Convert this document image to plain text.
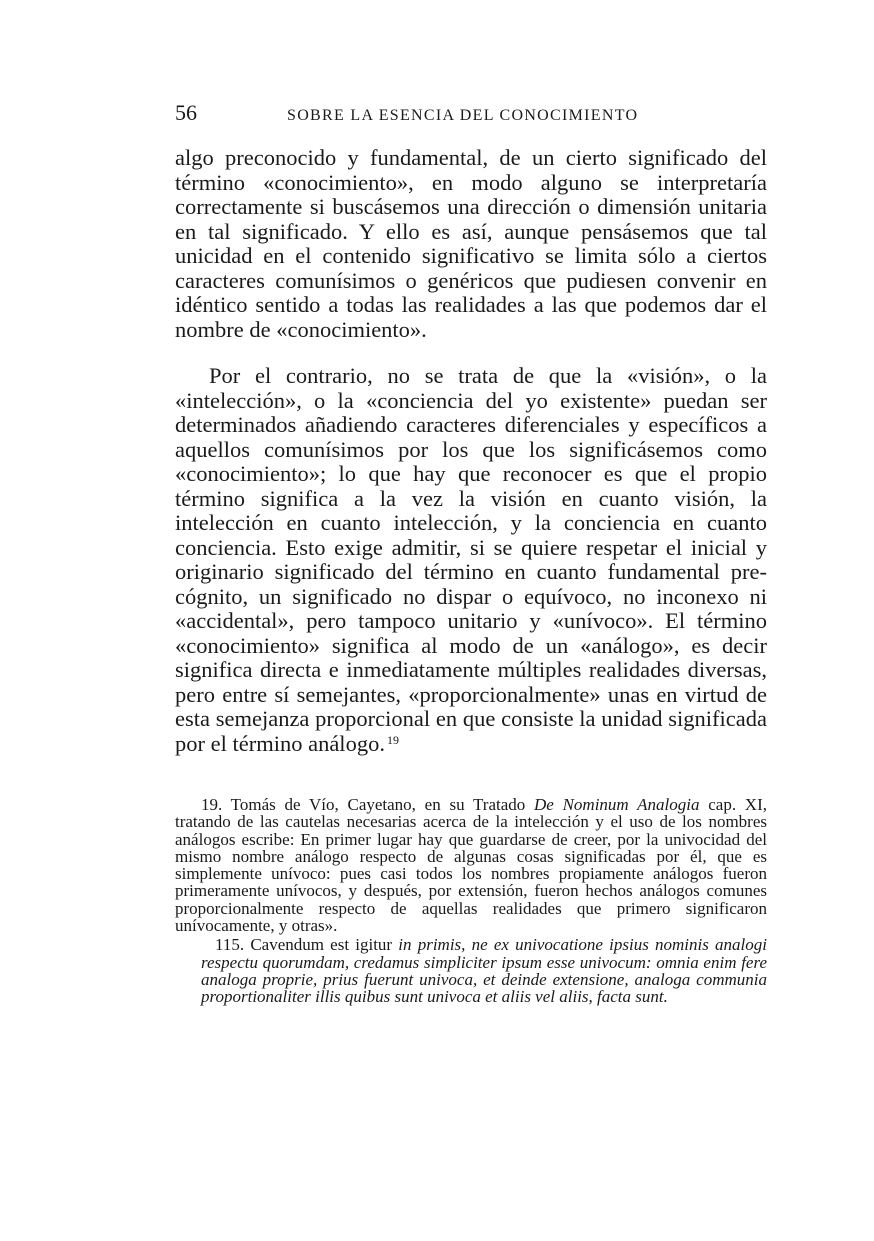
56	SOBRE LA ESENCIA DEL CONOCIMIENTO

algo preconocido y fundamental, de un cierto significado del término «conocimiento», en modo alguno se interpretaría correctamente si buscásemos una dirección o dimensión unitaria en tal significado. Y ello es así, aunque pensásemos que tal unicidad en el contenido significativo se limita sólo a ciertos caracteres comunísimos o genéricos que pudiesen convenir en idéntico sentido a todas las realidades a las que podemos dar el nombre de «conocimiento».

Por el contrario, no se trata de que la «visión», o la «intelección», o la «conciencia del yo existente» puedan ser determinados añadiendo caracteres diferenciales y específicos a aquellos comunísimos por los que los significásemos como «conocimiento»; lo que hay que reconocer es que el propio término significa a la vez la visión en cuanto visión, la intelección en cuanto intelección, y la conciencia en cuanto conciencia. Esto exige admitir, si se quiere respetar el inicial y originario significado del término en cuanto fundamental pre-cógnito, un significado no dispar o equívoco, no inconexo ni «accidental», pero tampoco unitario y «unívoco». El término «conocimiento» significa al modo de un «análogo», es decir significa directa e inmediatamente múltiples realidades diversas, pero entre sí semejantes, «proporcionalmente» unas en virtud de esta semejanza proporcional en que consiste la unidad significada por el término análogo. $^{19}$

19. Tomás de Vío, Cayetano, en su Tratado De Nominum Analogia cap. XI, tratando de las cautelas necesarias acerca de la intelección y el uso de los nombres análogos escribe: En primer lugar hay que guardarse de creer, por la univocidad del mismo nombre análogo respecto de algunas cosas significadas por él, que es simplemente unívoco: pues casi todos los nombres propiamente análogos fueron primeramente unívocos, y después, por extensión, fueron hechos análogos comunes proporcionalmente respecto de aquellas realidades que primero significaron unívocamente, y otras».

115. Cavendum est igitur in primis, ne ex univocatione ipsius nominis analogi respectu quorumdam, credamus simpliciter ipsum esse univocum: omnia enim fere analoga proprie, prius fuerunt univoca, et deinde extensione, analoga communia proportionaliter illis quibus sunt univoca et aliis vel aliis, facta sunt.
